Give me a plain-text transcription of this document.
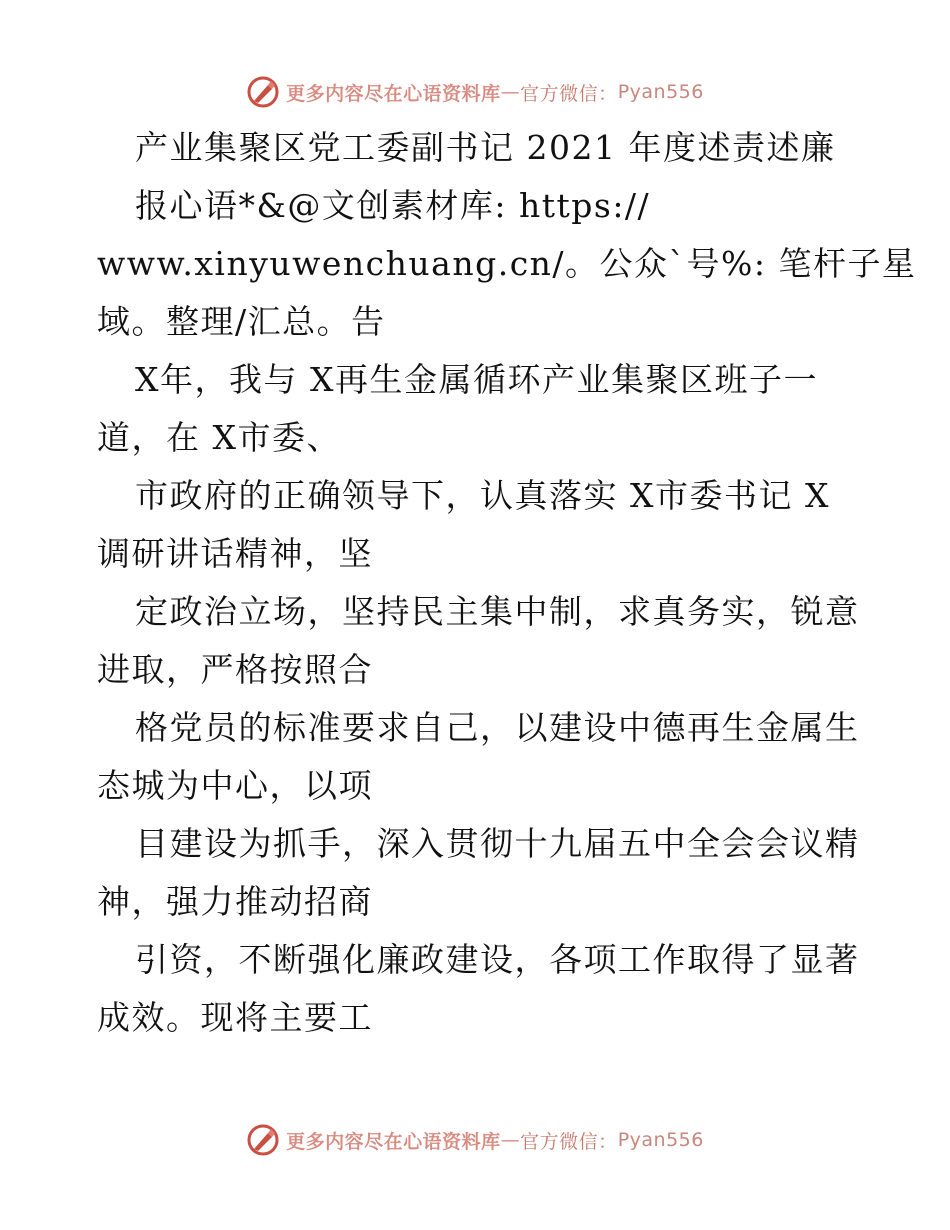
更多内容尽在心语资料库 — 官方微信： Pyan556
产业集聚区党工委副书记 2021 年度述责述廉
报心语*&@文创素材库: https://
www.xinyuwenchuang.cn/。公众`号%: 笔杆子星
域。整理/汇总。告
X年，我与 X再生金属循环产业集聚区班子一
道，在 X市委、
市政府的正确领导下，认真落实 X市委书记 X
调研讲话精神，坚
定政治立场，坚持民主集中制，求真务实，锐意
进取，严格按照合
格党员的标准要求自己，以建设中德再生金属生
态城为中心，以项
目建设为抓手，深入贯彻十九届五中全会会议精
神，强力推动招商
引资，不断强化廉政建设，各项工作取得了显著
成效。现将主要工
更多内容尽在心语资料库 — 官方微信： Pyan556
